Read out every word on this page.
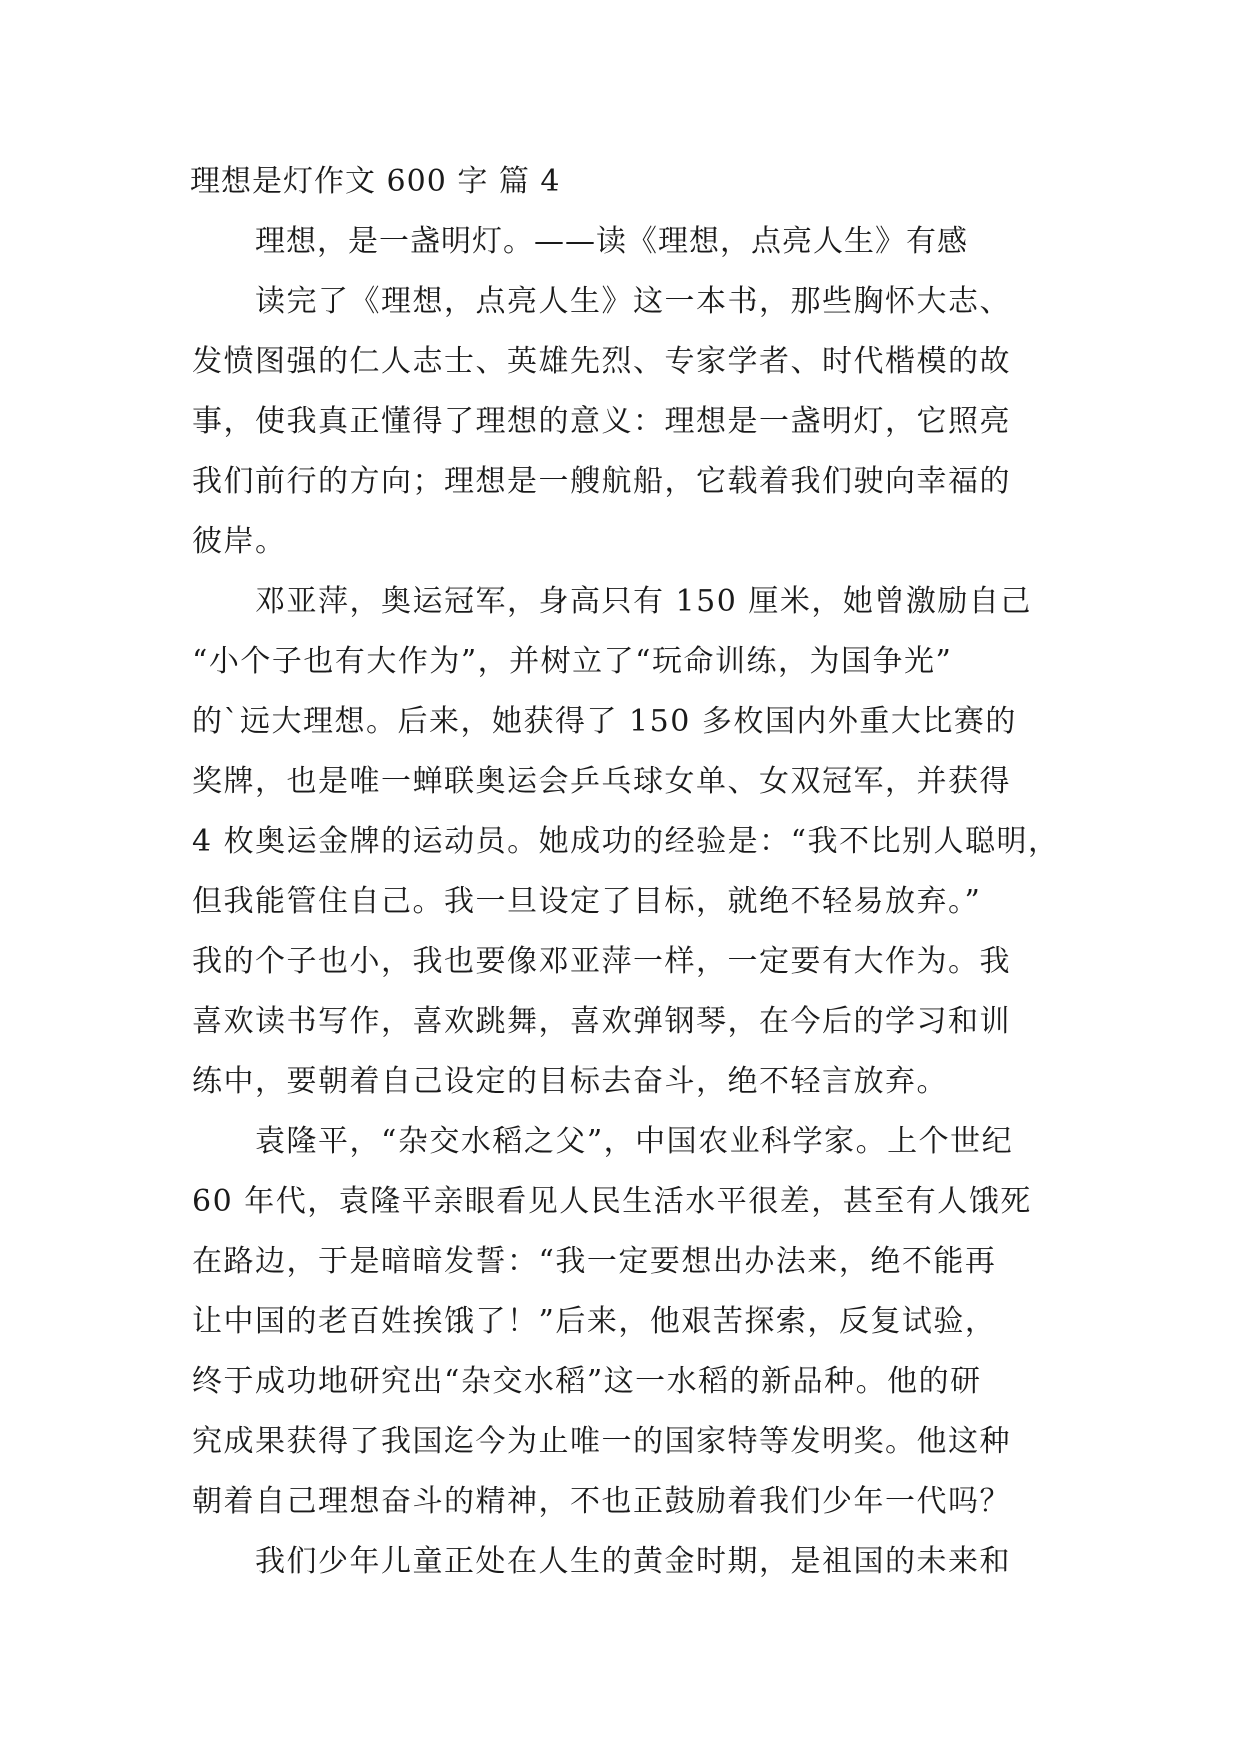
理想是灯作文 600 字 篇 4
理想，是一盏明灯。——读《理想，点亮人生》有感
读完了《理想，点亮人生》这一本书，那些胸怀大志、
发愤图强的仁人志士、英雄先烈、专家学者、时代楷模的故
事，使我真正懂得了理想的意义：理想是一盏明灯，它照亮
我们前行的方向；理想是一艘航船，它载着我们驶向幸福的
彼岸。
邓亚萍，奥运冠军，身高只有 150 厘米，她曾激励自己
“小个子也有大作为”，并树立了“玩命训练，为国争光”
的`远大理想。后来，她获得了 150 多枚国内外重大比赛的
奖牌，也是唯一蝉联奥运会乒乓球女单、女双冠军，并获得
4 枚奥运金牌的运动员。她成功的经验是：“我不比别人聪明，
但我能管住自己。我一旦设定了目标，就绝不轻易放弃。”
我的个子也小，我也要像邓亚萍一样，一定要有大作为。我
喜欢读书写作，喜欢跳舞，喜欢弹钢琴，在今后的学习和训
练中，要朝着自己设定的目标去奋斗，绝不轻言放弃。
袁隆平，“杂交水稻之父”，中国农业科学家。上个世纪
60 年代，袁隆平亲眼看见人民生活水平很差，甚至有人饿死
在路边，于是暗暗发誓：“我一定要想出办法来，绝不能再
让中国的老百姓挨饿了！”后来，他艰苦探索，反复试验，
终于成功地研究出“杂交水稻”这一水稻的新品种。他的研
究成果获得了我国迄今为止唯一的国家特等发明奖。他这种
朝着自己理想奋斗的精神，不也正鼓励着我们少年一代吗？
我们少年儿童正处在人生的黄金时期，是祖国的未来和
